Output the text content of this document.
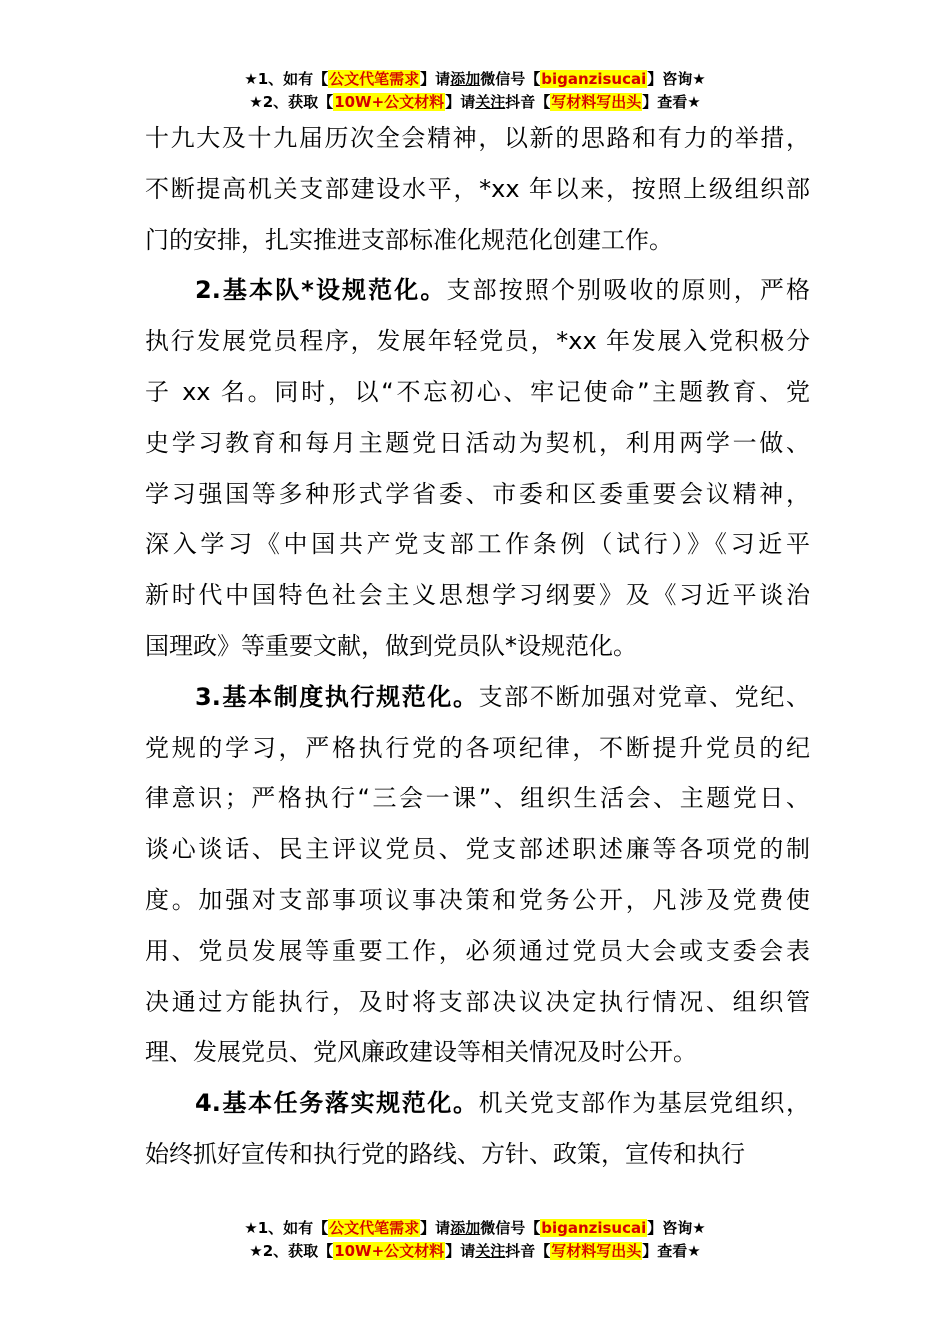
★1、如有【公文代笔需求】请添加微信号【biganzisucai】咨询★
★2、获取【10W+公文材料】请关注抖音【写材料写出头】查看★
十九大及十九届历次全会精神，以新的思路和有力的举措，
不断提高机关支部建设水平，*xx 年以来，按照上级组织部
门的安排，扎实推进支部标准化规范化创建工作。
2.基本队*设规范化。支部按照个别吸收的原则，严格
执行发展党员程序，发展年轻党员，*xx 年发展入党积极分
子 xx 名。同时，以“不忘初心、牢记使命”主题教育、党
史学习教育和每月主题党日活动为契机，利用两学一做、
学习强国等多种形式学省委、市委和区委重要会议精神，
深入学习《中国共产党支部工作条例（试行）》《习近平
新时代中国特色社会主义思想学习纲要》及《习近平谈治
国理政》等重要文献，做到党员队*设规范化。
3.基本制度执行规范化。支部不断加强对党章、党纪、
党规的学习，严格执行党的各项纪律，不断提升党员的纪
律意识；严格执行“三会一课”、组织生活会、主题党日、
谈心谈话、民主评议党员、党支部述职述廉等各项党的制
度。加强对支部事项议事决策和党务公开，凡涉及党费使
用、党员发展等重要工作，必须通过党员大会或支委会表
决通过方能执行，及时将支部决议决定执行情况、组织管
理、发展党员、党风廉政建设等相关情况及时公开。
4.基本任务落实规范化。机关党支部作为基层党组织，
始终抓好宣传和执行党的路线、方针、政策，宣传和执行
★1、如有【公文代笔需求】请添加微信号【biganzisucai】咨询★
★2、获取【10W+公文材料】请关注抖音【写材料写出头】查看★
